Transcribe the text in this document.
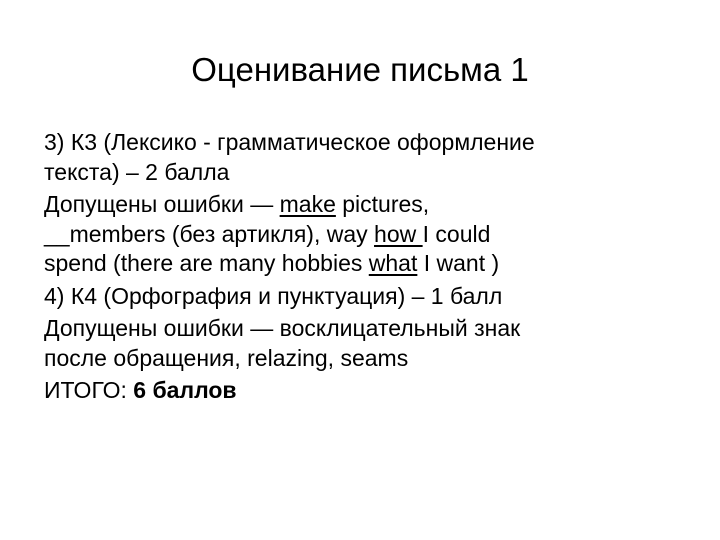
Оценивание письма 1
3) К3 (Лексико - грамматическое оформление
текста) – 2 балла
Допущены ошибки — make pictures,
__members (без артикля), way how I could
spend (there are many hobbies what I want )
4) К4 (Орфография и пунктуация) – 1 балл
Допущены ошибки — восклицательный знак
после обращения, relazing, seams
ИТОГО: 6 баллов
